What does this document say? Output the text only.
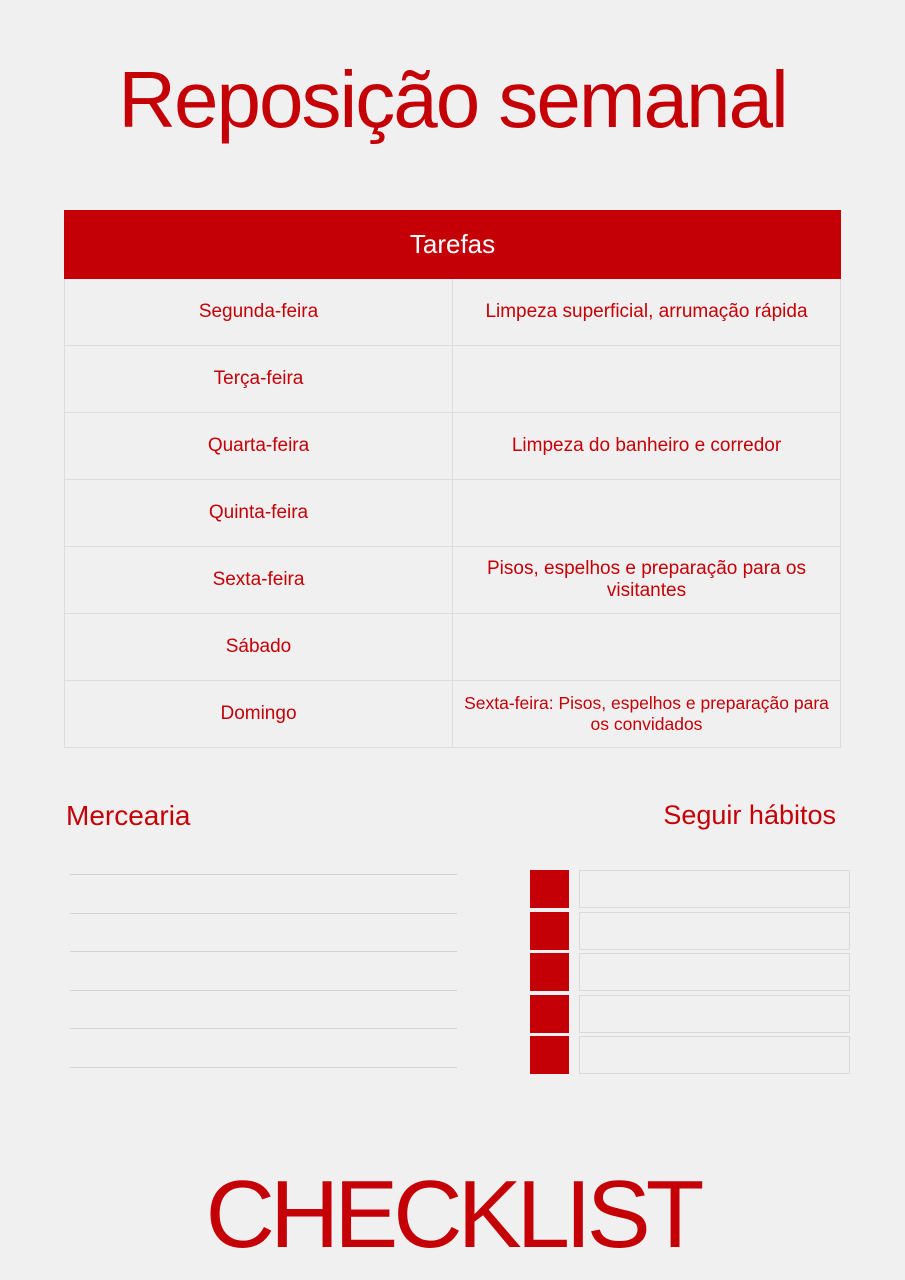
Reposição semanal
Tarefas	
Segunda-feira	Limpeza superficial, arrumação rápida
Terça-feira	
Quarta-feira	Limpeza do banheiro e corredor
Quinta-feira	
Sexta-feira	Pisos, espelhos e preparação para os visitantes
Sábado	
Domingo	Sexta-feira: Pisos, espelhos e preparação para os convidados
Mercearia	Seguir hábitos
CHECKLIST
